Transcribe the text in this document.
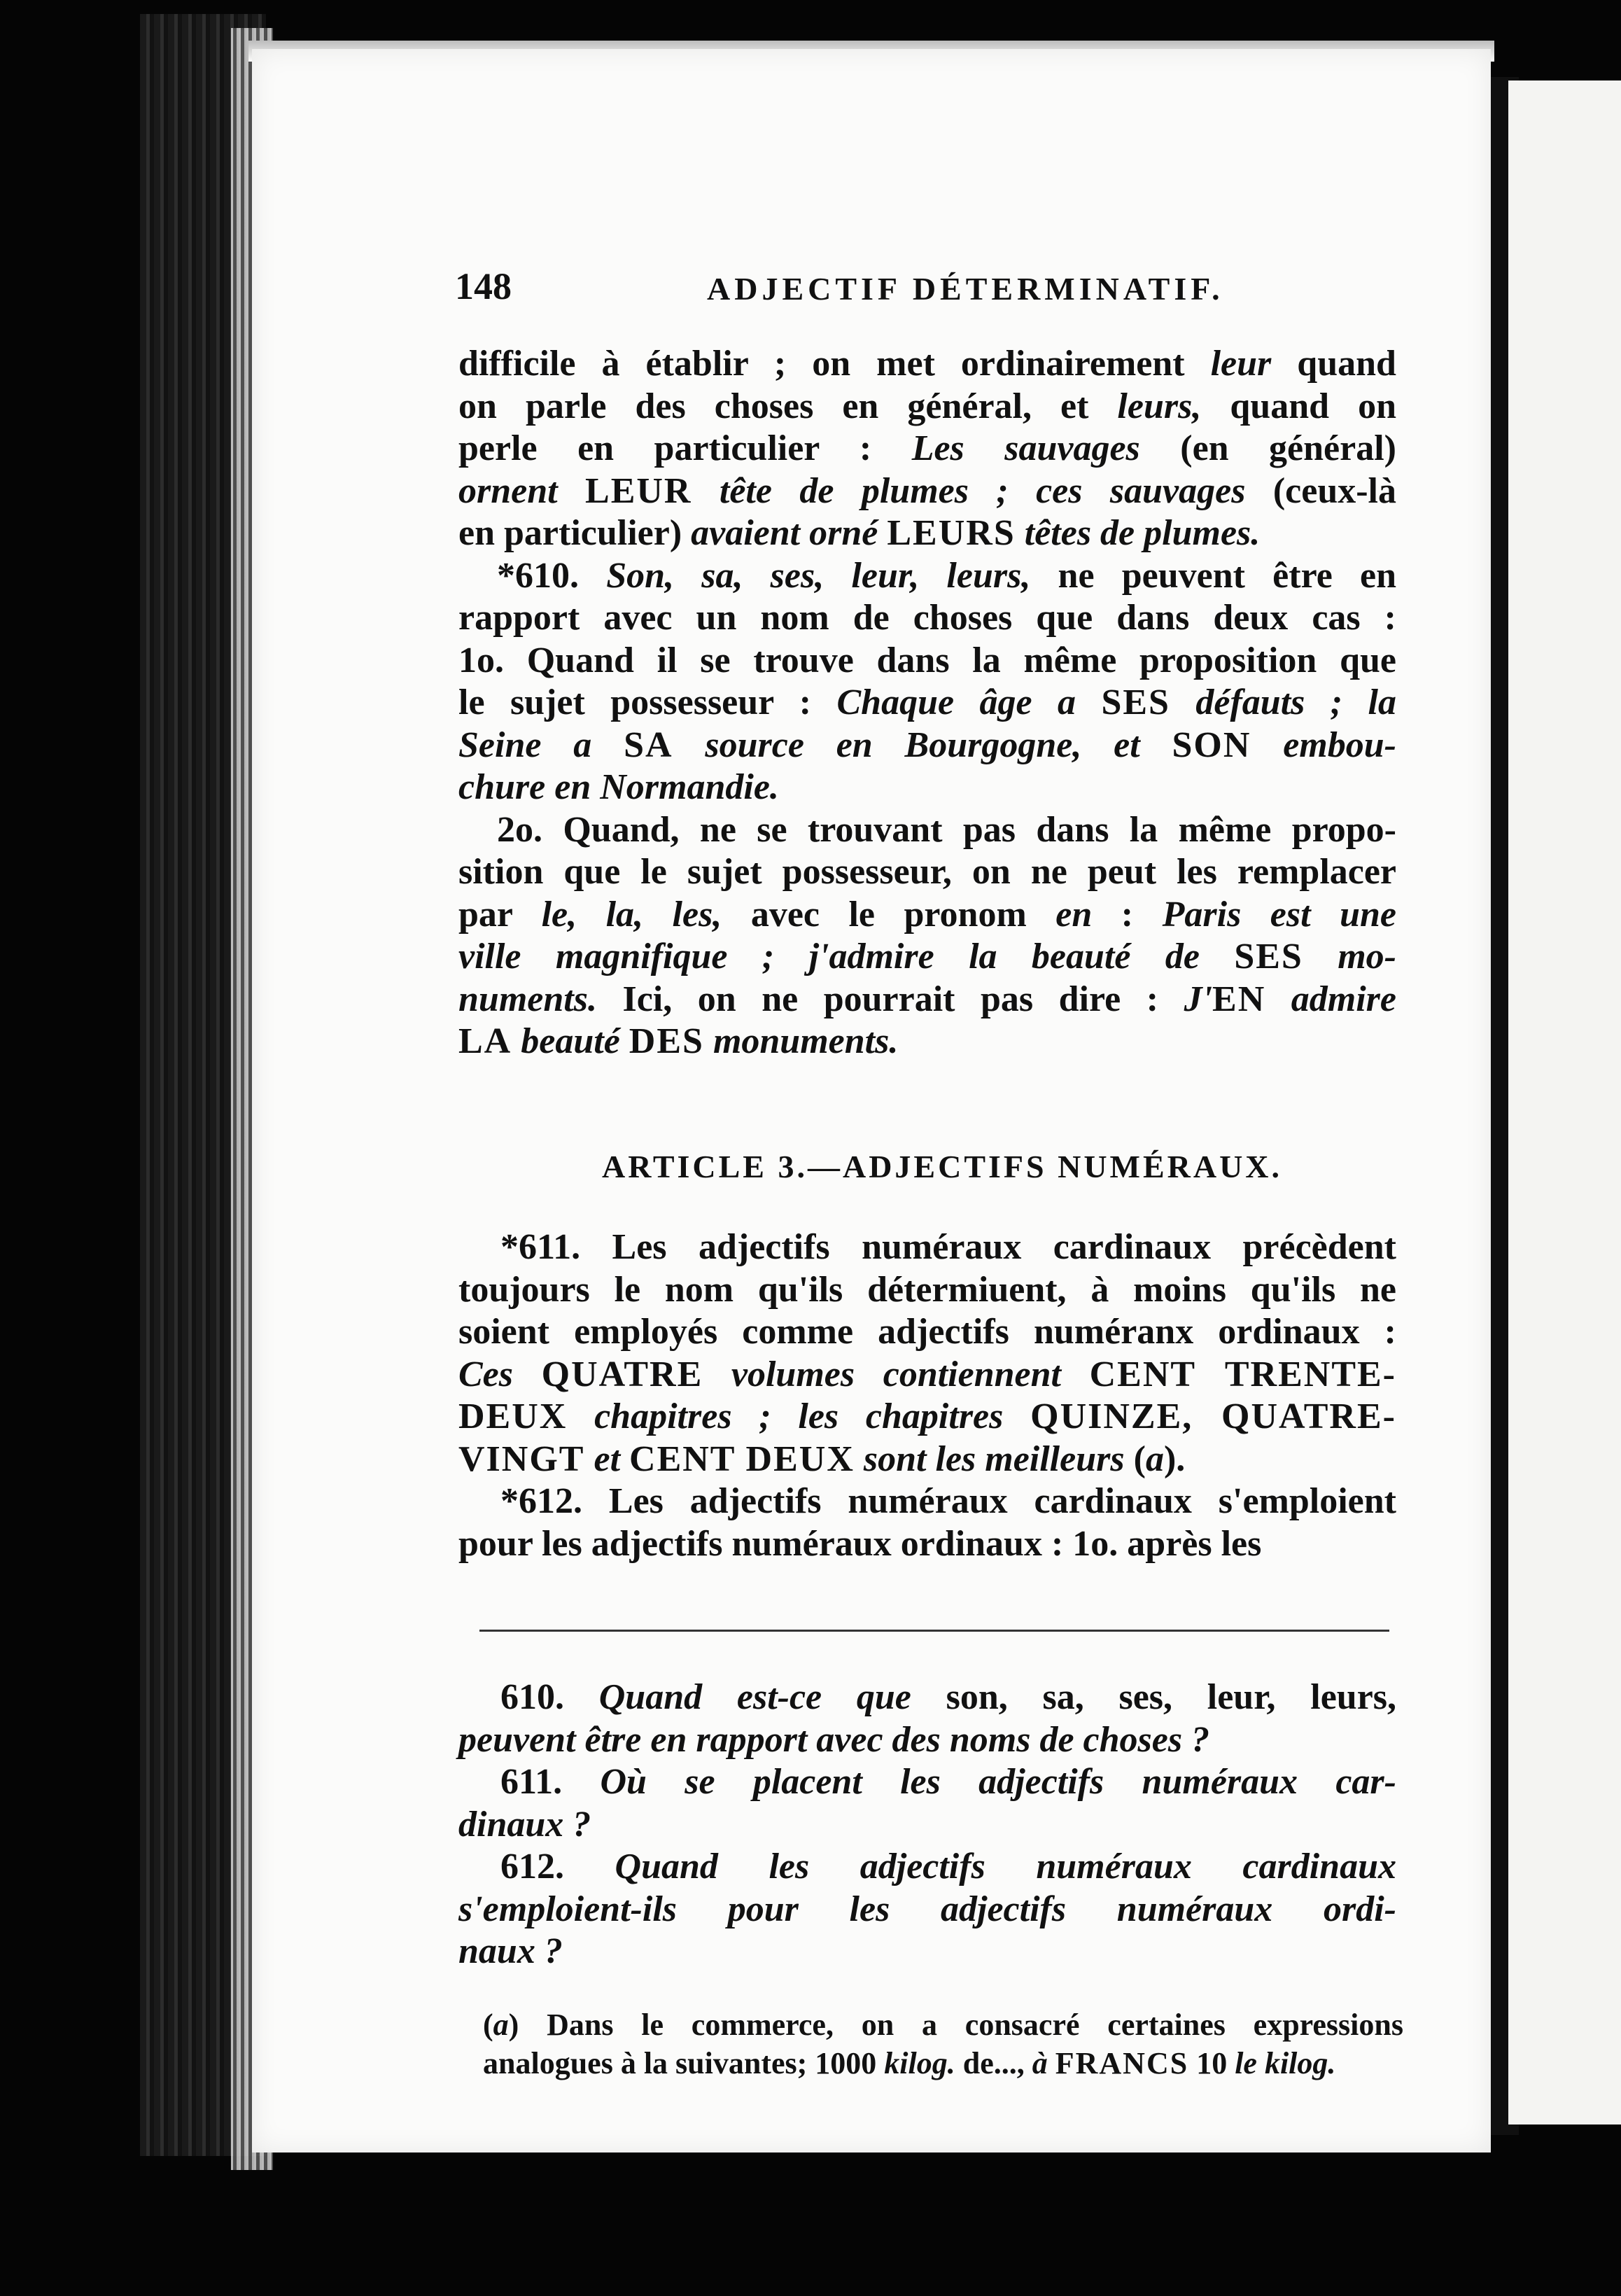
148	ADJECTIF DÉTERMINATIF.
difficile à établir ; on met ordinairement leur quand
on parle des choses en général, et leurs, quand on
perle en particulier : Les sauvages (en général)
ornent LEUR tête de plumes ; ces sauvages (ceux-là
en particulier) avaient orné LEURS têtes de plumes.
*610. Son, sa, ses, leur, leurs, ne peuvent être en
rapport avec un nom de choses que dans deux cas :
1o. Quand il se trouve dans la même proposition que
le sujet possesseur : Chaque âge a SES défauts ; la
Seine a SA source en Bourgogne, et SON embou-
chure en Normandie.
2o. Quand, ne se trouvant pas dans la même propo-
sition que le sujet possesseur, on ne peut les remplacer
par le, la, les, avec le pronom en : Paris est une
ville magnifique ; j'admire la beauté de SES mo-
numents. Ici, on ne pourrait pas dire : J'EN admire
LA beauté DES monuments.
ARTICLE 3.—ADJECTIFS NUMÉRAUX.
*611. Les adjectifs numéraux cardinaux précèdent
toujours le nom qu'ils détermiuent, à moins qu'ils ne
soient employés comme adjectifs numéranx ordinaux :
Ces QUATRE volumes contiennent CENT TRENTE-
DEUX chapitres ; les chapitres QUINZE, QUATRE-
VINGT et CENT DEUX sont les meilleurs (a).
*612. Les adjectifs numéraux cardinaux s'emploient
pour les adjectifs numéraux ordinaux : 1o. après les
610. Quand est-ce que son, sa, ses, leur, leurs,
peuvent être en rapport avec des noms de choses ?
611. Où se placent les adjectifs numéraux car-
dinaux ?
612. Quand les adjectifs numéraux cardinaux
s'emploient-ils pour les adjectifs numéraux ordi-
naux ?
(a) Dans le commerce, on a consacré certaines expressions
analogues à la suivantes; 1000 kilog. de..., à FRANCS 10 le kilog.
